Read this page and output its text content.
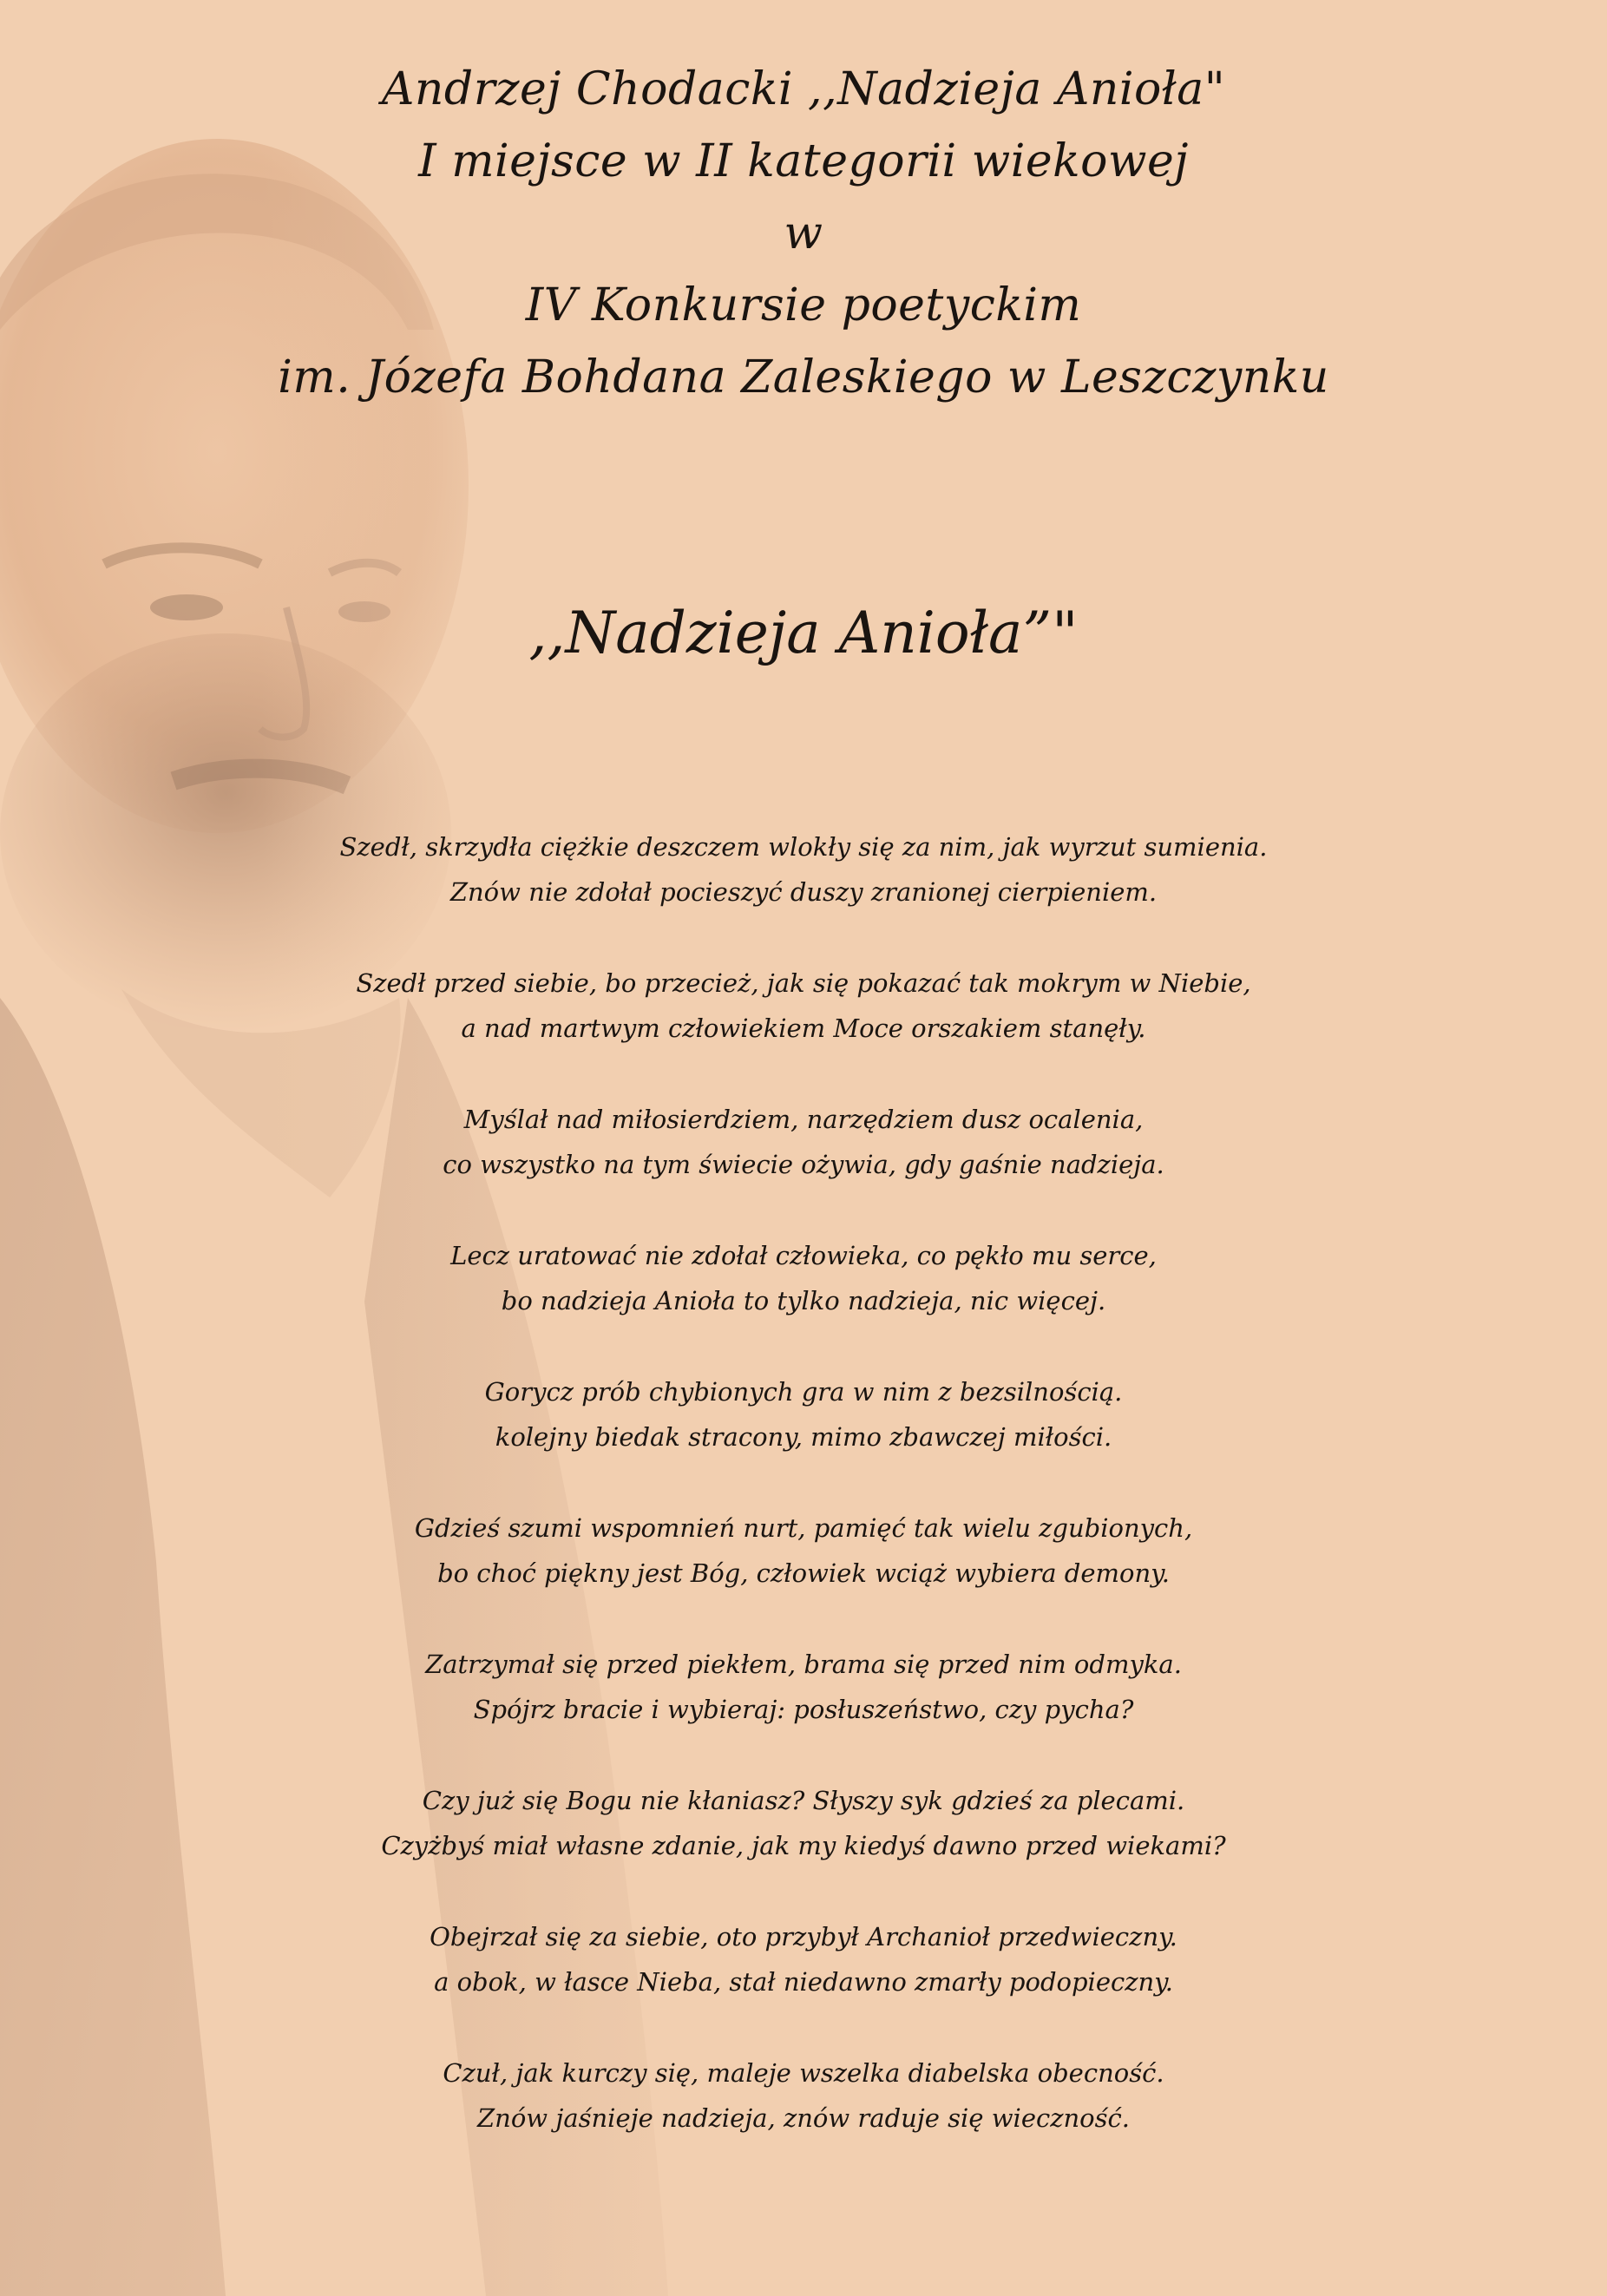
Andrzej Chodacki ,,Nadzieja Anioła"
I miejsce w II kategorii wiekowej
w
IV Konkursie poetyckim
im. Józefa Bohdana Zaleskiego w Leszczynku
,,Nadzieja Anioła”"
Szedł, skrzydła ciężkie deszczem wlokły się za nim, jak wyrzut sumienia.
Znów nie zdołał pocieszyć duszy zranionej cierpieniem.
Szedł przed siebie, bo przecież, jak się pokazać tak mokrym w Niebie,
a nad martwym człowiekiem Moce orszakiem stanęły.
Myślał nad miłosierdziem, narzędziem dusz ocalenia,
co wszystko na tym świecie ożywia, gdy gaśnie nadzieja.
Lecz uratować nie zdołał człowieka, co pękło mu serce,
bo nadzieja Anioła to tylko nadzieja, nic więcej.
Gorycz prób chybionych gra w nim z bezsilnością.
kolejny biedak stracony, mimo zbawczej miłości.
Gdzieś szumi wspomnień nurt, pamięć tak wielu zgubionych,
bo choć piękny jest Bóg, człowiek wciąż wybiera demony.
Zatrzymał się przed piekłem, brama się przed nim odmyka.
Spójrz bracie i wybieraj: posłuszeństwo, czy pycha?
Czy już się Bogu nie kłaniasz? Słyszy syk gdzieś za plecami.
Czyżbyś miał własne zdanie, jak my kiedyś dawno przed wiekami?
Obejrzał się za siebie, oto przybył Archanioł przedwieczny.
a obok, w łasce Nieba, stał niedawno zmarły podopieczny.
Czuł, jak kurczy się, maleje wszelka diabelska obecność.
Znów jaśnieje nadzieja, znów raduje się wieczność.
